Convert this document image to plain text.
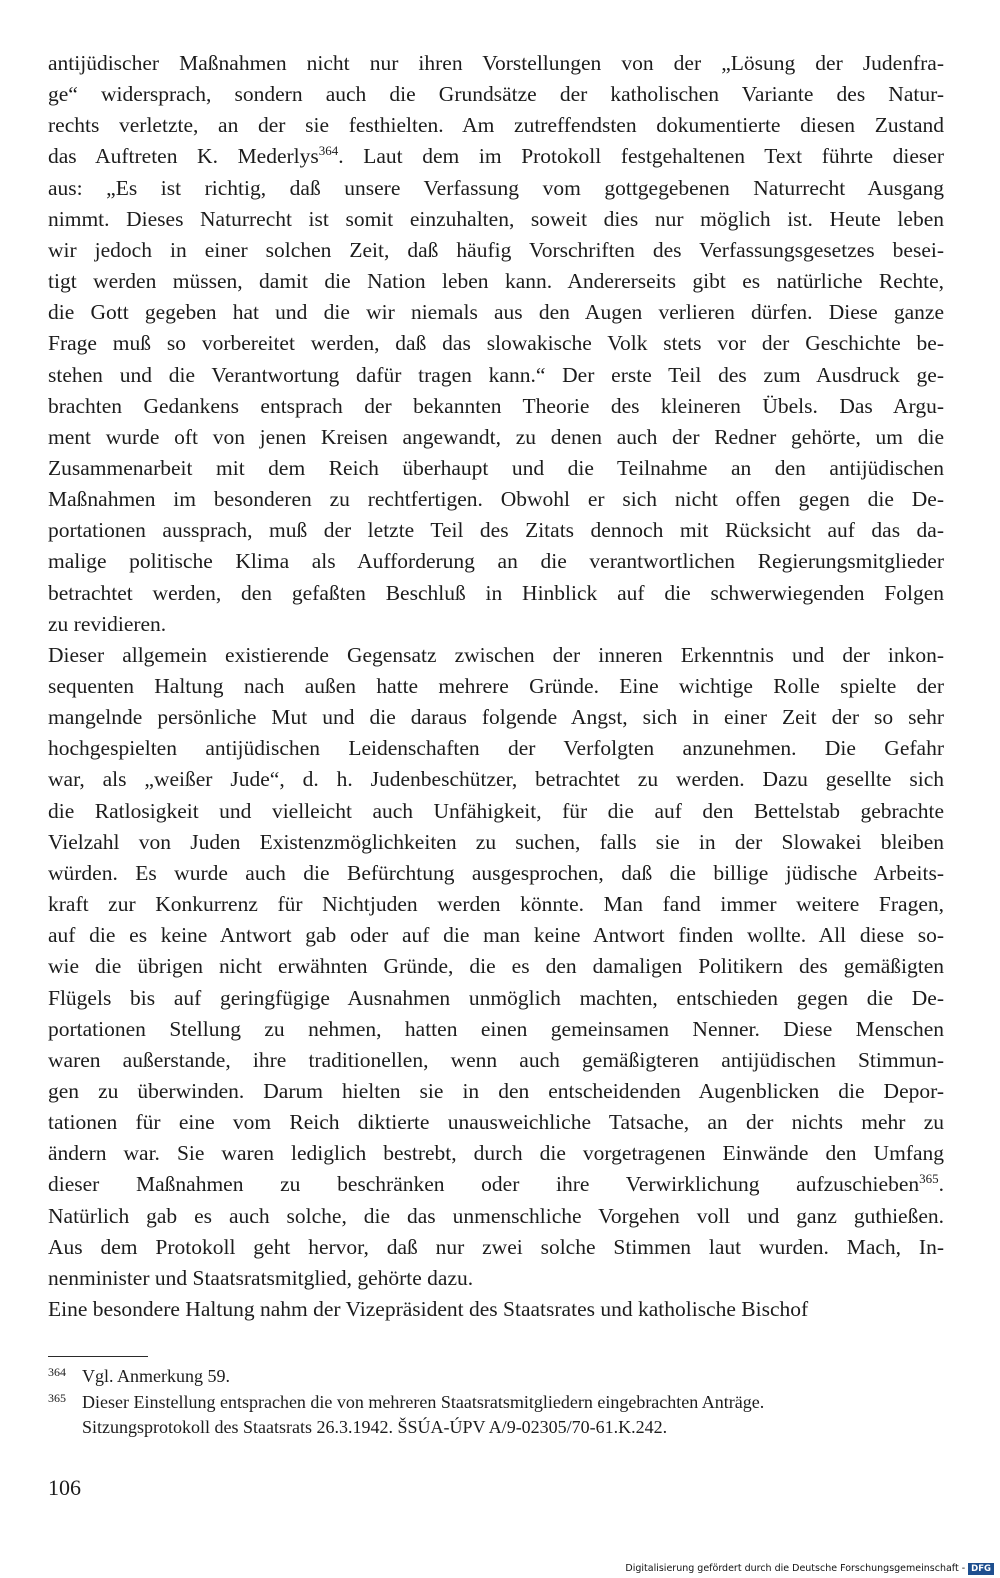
antijüdischer Maßnahmen nicht nur ihren Vorstellungen von der „Lösung der Judenfra-
ge“ widersprach, sondern auch die Grundsätze der katholischen Variante des Natur-
rechts verletzte, an der sie festhielten. Am zutreffendsten dokumentierte diesen Zustand
das Auftreten K. Mederlys$^{364}$. Laut dem im Protokoll festgehaltenen Text führte dieser
aus: „Es ist richtig, daß unsere Verfassung vom gottgegebenen Naturrecht Ausgang
nimmt. Dieses Naturrecht ist somit einzuhalten, soweit dies nur möglich ist. Heute leben
wir jedoch in einer solchen Zeit, daß häufig Vorschriften des Verfassungsgesetzes besei-
tigt werden müssen, damit die Nation leben kann. Andererseits gibt es natürliche Rechte,
die Gott gegeben hat und die wir niemals aus den Augen verlieren dürfen. Diese ganze
Frage muß so vorbereitet werden, daß das slowakische Volk stets vor der Geschichte be-
stehen und die Verantwortung dafür tragen kann.“ Der erste Teil des zum Ausdruck ge-
brachten Gedankens entsprach der bekannten Theorie des kleineren Übels. Das Argu-
ment wurde oft von jenen Kreisen angewandt, zu denen auch der Redner gehörte, um die
Zusammenarbeit mit dem Reich überhaupt und die Teilnahme an den antijüdischen
Maßnahmen im besonderen zu rechtfertigen. Obwohl er sich nicht offen gegen die De-
portationen aussprach, muß der letzte Teil des Zitats dennoch mit Rücksicht auf das da-
malige politische Klima als Aufforderung an die verantwortlichen Regierungsmitglieder
betrachtet werden, den gefaßten Beschluß in Hinblick auf die schwerwiegenden Folgen
zu revidieren.
Dieser allgemein existierende Gegensatz zwischen der inneren Erkenntnis und der inkon-
sequenten Haltung nach außen hatte mehrere Gründe. Eine wichtige Rolle spielte der
mangelnde persönliche Mut und die daraus folgende Angst, sich in einer Zeit der so sehr
hochgespielten antijüdischen Leidenschaften der Verfolgten anzunehmen. Die Gefahr
war, als „weißer Jude“, d. h. Judenbeschützer, betrachtet zu werden. Dazu gesellte sich
die Ratlosigkeit und vielleicht auch Unfähigkeit, für die auf den Bettelstab gebrachte
Vielzahl von Juden Existenzmöglichkeiten zu suchen, falls sie in der Slowakei bleiben
würden. Es wurde auch die Befürchtung ausgesprochen, daß die billige jüdische Arbeits-
kraft zur Konkurrenz für Nichtjuden werden könnte. Man fand immer weitere Fragen,
auf die es keine Antwort gab oder auf die man keine Antwort finden wollte. All diese so-
wie die übrigen nicht erwähnten Gründe, die es den damaligen Politikern des gemäßigten
Flügels bis auf geringfügige Ausnahmen unmöglich machten, entschieden gegen die De-
portationen Stellung zu nehmen, hatten einen gemeinsamen Nenner. Diese Menschen
waren außerstande, ihre traditionellen, wenn auch gemäßigteren antijüdischen Stimmun-
gen zu überwinden. Darum hielten sie in den entscheidenden Augenblicken die Depor-
tationen für eine vom Reich diktierte unausweichliche Tatsache, an der nichts mehr zu
ändern war. Sie waren lediglich bestrebt, durch die vorgetragenen Einwände den Umfang
dieser Maßnahmen zu beschränken oder ihre Verwirklichung aufzuschieben$^{365}$.
Natürlich gab es auch solche, die das unmenschliche Vorgehen voll und ganz guthießen.
Aus dem Protokoll geht hervor, daß nur zwei solche Stimmen laut wurden. Mach, In-
nenminister und Staatsratsmitglied, gehörte dazu.
Eine besondere Haltung nahm der Vizepräsident des Staatsrates und katholische Bischof
364 Vgl. Anmerkung 59.
365 Dieser Einstellung entsprachen die von mehreren Staatsratsmitgliedern eingebrachten Anträge.
Sitzungsprotokoll des Staatsrats 26.3.1942. ŠSÚA-ÚPV A/9-02305/70-61.K.242.
106
Digitalisierung gefördert durch die Deutsche Forschungsgemeinschaft - DFG
